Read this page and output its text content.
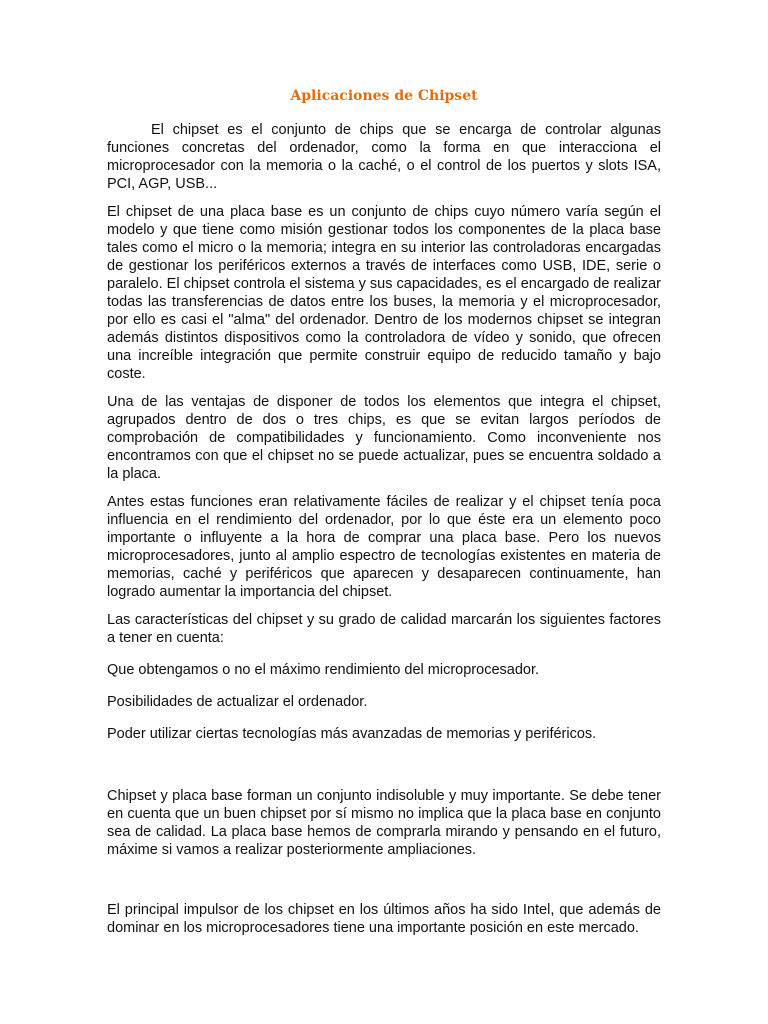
Aplicaciones de Chipset

El chipset es el conjunto de chips que se encarga de controlar algunas funciones concretas del ordenador, como la forma en que interacciona el microprocesador con la memoria o la caché, o el control de los puertos y slots ISA, PCI, AGP, USB...

El chipset de una placa base es un conjunto de chips cuyo número varía según el modelo y que tiene como misión gestionar todos los componentes de la placa base tales como el micro o la memoria; integra en su interior las controladoras encargadas de gestionar los periféricos externos a través de interfaces como USB, IDE, serie o paralelo. El chipset controla el sistema y sus capacidades, es el encargado de realizar todas las transferencias de datos entre los buses, la memoria y el microprocesador, por ello es casi el "alma" del ordenador. Dentro de los modernos chipset se integran además distintos dispositivos como la controladora de vídeo y sonido, que ofrecen una increíble integración que permite construir equipo de reducido tamaño y bajo coste.

Una de las ventajas de disponer de todos los elementos que integra el chipset, agrupados dentro de dos o tres chips, es que se evitan largos períodos de comprobación de compatibilidades y funcionamiento. Como inconveniente nos encontramos con que el chipset no se puede actualizar, pues se encuentra soldado a la placa.

Antes estas funciones eran relativamente fáciles de realizar y el chipset tenía poca influencia en el rendimiento del ordenador, por lo que éste era un elemento poco importante o influyente a la hora de comprar una placa base. Pero los nuevos microprocesadores, junto al amplio espectro de tecnologías existentes en materia de memorias, caché y periféricos que aparecen y desaparecen continuamente, han logrado aumentar la importancia del chipset.

Las características del chipset y su grado de calidad marcarán los siguientes factores a tener en cuenta:

Que obtengamos o no el máximo rendimiento del microprocesador.

Posibilidades de actualizar el ordenador.

Poder utilizar ciertas tecnologías más avanzadas de memorias y periféricos.

Chipset y placa base forman un conjunto indisoluble y muy importante. Se debe tener en cuenta que un buen chipset por sí mismo no implica que la placa base en conjunto sea de calidad. La placa base hemos de comprarla mirando y pensando en el futuro, máxime si vamos a realizar posteriormente ampliaciones.

El principal impulsor de los chipset en los últimos años ha sido Intel, que además de dominar en los microprocesadores tiene una importante posición en este mercado.
